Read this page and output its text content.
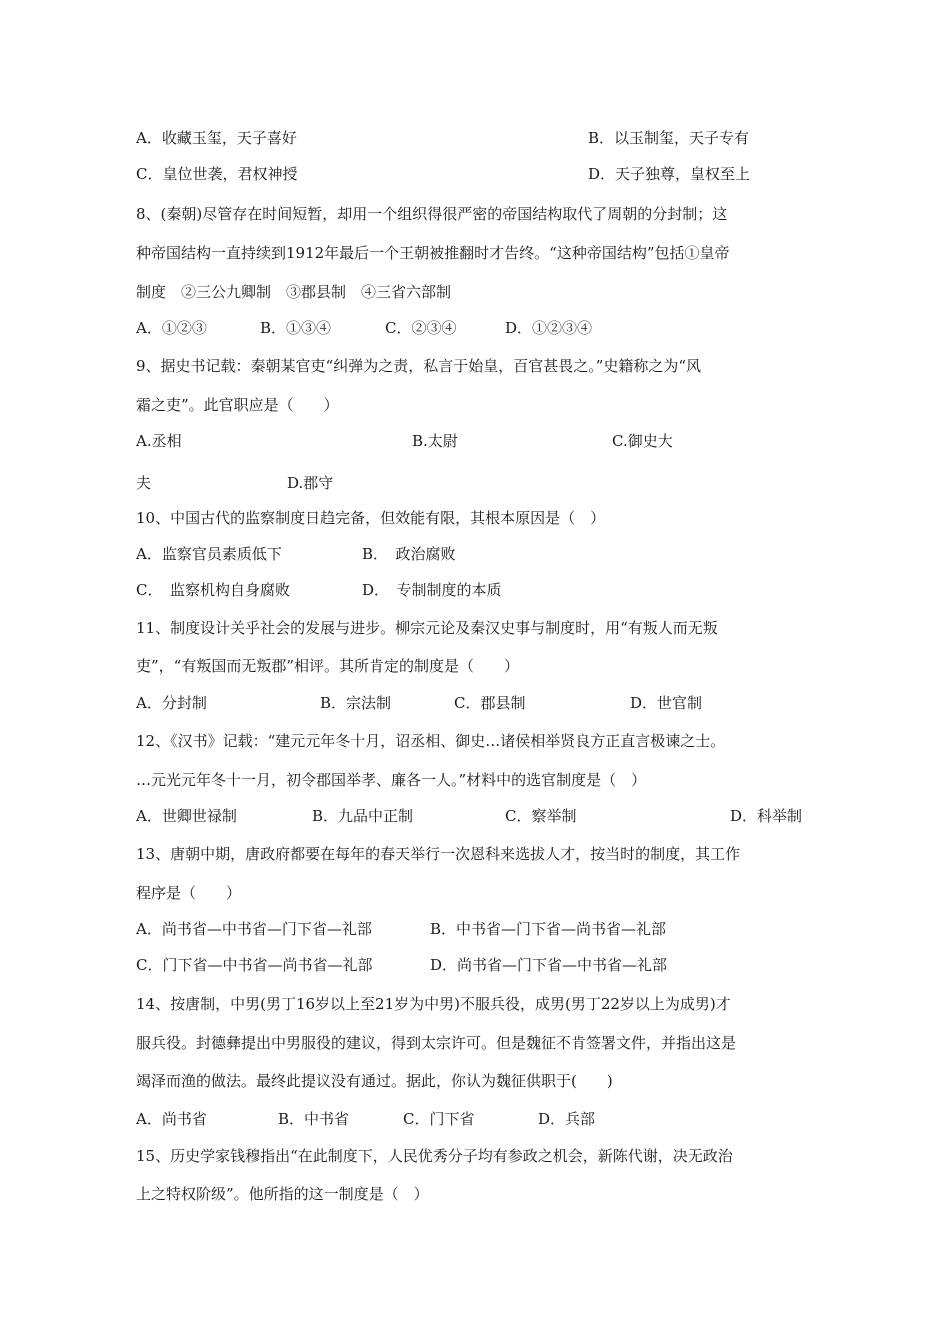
A．收藏玉玺，天子喜好	B．以玉制玺，天子专有
C．皇位世袭，君权神授	D．天子独尊，皇权至上
8、(秦朝)尽管存在时间短暂，却用一个组织得很严密的帝国结构取代了周朝的分封制；这
种帝国结构一直持续到1912年最后一个王朝被推翻时才告终。“这种帝国结构”包括①皇帝
制度　②三公九卿制　③郡县制　④三省六部制
A．①②③	B．①③④	C．②③④	D．①②③④
9、据史书记载：秦朝某官吏“纠弹为之责，私言于始皇，百官甚畏之。”史籍称之为“风
霜之吏”。此官职应是（　　）
A.丞相	B.太尉	C.御史大
夫	D.郡守
10、中国古代的监察制度日趋完备，但效能有限，其根本原因是（　）
A．监察官员素质低下	B．　政治腐败
C．　监察机构自身腐败	D．　专制制度的本质
11、制度设计关乎社会的发展与进步。柳宗元论及秦汉史事与制度时，用“有叛人而无叛
吏”，“有叛国而无叛郡”相评。其所肯定的制度是（　　）
A．分封制	B．宗法制	C．郡县制	D．世官制
12、《汉书》记载：“建元元年冬十月，诏丞相、御史…诸侯相举贤良方正直言极谏之士。
…元光元年冬十一月，初令郡国举孝、廉各一人。”材料中的选官制度是（　）
A．世卿世禄制	B．九品中正制	C．察举制	D．科举制
13、唐朝中期，唐政府都要在每年的春天举行一次恩科来选拔人才，按当时的制度，其工作
程序是（　　）
A．尚书省—中书省—门下省—礼部	B．中书省—门下省—尚书省—礼部
C．门下省—中书省—尚书省—礼部	D．尚书省—门下省—中书省—礼部
14、按唐制，中男(男丁16岁以上至21岁为中男)不服兵役，成男(男丁22岁以上为成男)才
服兵役。封德彝提出中男服役的建议，得到太宗许可。但是魏征不肯签署文件，并指出这是
竭泽而渔的做法。最终此提议没有通过。据此，你认为魏征供职于(　　)
A．尚书省	B．中书省	C．门下省	D．兵部
15、历史学家钱穆指出“在此制度下，人民优秀分子均有参政之机会，新陈代谢，决无政治
上之特权阶级”。他所指的这一制度是（　）
